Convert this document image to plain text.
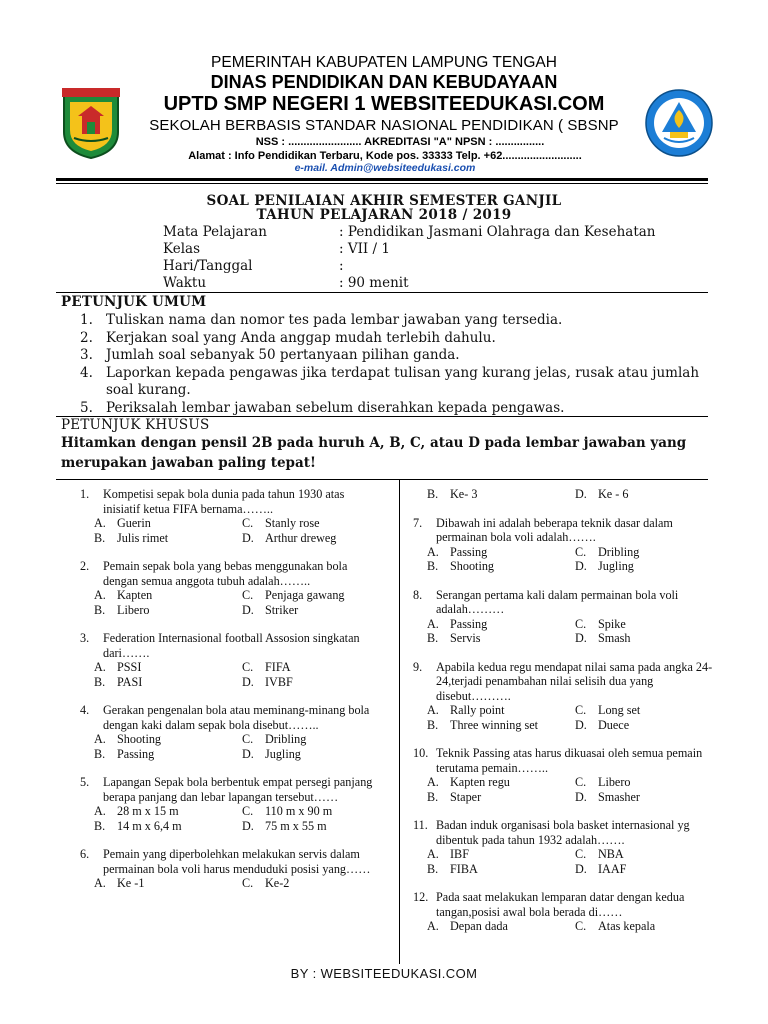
PEMERINTAH KABUPATEN LAMPUNG TENGAH
DINAS PENDIDIKAN DAN KEBUDAYAAN
UPTD SMP NEGERI 1 WEBSITEEDUKASI.COM
SEKOLAH BERBASIS STANDAR NASIONAL PENDIDIKAN ( SBSNP
NSS : ........................ AKREDITASI "A" NPSN : ................
Alamat : Info Pendidikan Terbaru, Kode pos. 33333 Telp. +62..........................
e-mail. Admin@websiteedukasi.com
SOAL PENILAIAN AKHIR SEMESTER GANJIL
TAHUN PELAJARAN 2018 / 2019
Mata Pelajaran	: Pendidikan Jasmani Olahraga dan Kesehatan
Kelas	: VII / 1
Hari/Tanggal	:
Waktu	: 90 menit
PETUNJUK UMUM
1. Tuliskan nama dan nomor tes pada lembar jawaban yang tersedia.
2. Kerjakan soal yang Anda anggap mudah terlebih dahulu.
3. Jumlah soal sebanyak 50 pertanyaan pilihan ganda.
4. Laporkan kepada pengawas jika terdapat tulisan yang kurang jelas, rusak atau jumlah soal kurang.
5. Periksalah lembar jawaban sebelum diserahkan kepada pengawas.
PETUNJUK KHUSUS
Hitamkan dengan pensil 2B pada huruh A, B, C, atau D pada lembar jawaban yang merupakan jawaban paling tepat!
1. Kompetisi sepak bola dunia pada tahun 1930 atas inisiatif ketua FIFA bernama……..
A. Guerin	C. Stanly rose
B. Julis rimet	D. Arthur dreweg
2. Pemain sepak bola yang bebas menggunakan bola dengan semua anggota tubuh adalah……..
A. Kapten	C. Penjaga gawang
B. Libero	D. Striker
3. Federation Internasional football Assosion singkatan dari…….
A. PSSI	C. FIFA
B. PASI	D. IVBF
4. Gerakan pengenalan bola atau meminang-minang bola dengan kaki dalam sepak bola disebut……..
A. Shooting	C. Dribling
B. Passing	D. Jugling
5. Lapangan Sepak bola berbentuk empat persegi panjang berapa panjang dan lebar lapangan tersebut……
A. 28 m x 15 m	C. 110 m x 90 m
B. 14 m x 6,4 m	D. 75 m x 55 m
6. Pemain yang diperbolehkan melakukan servis dalam permainan bola voli harus menduduki posisi yang……
A. Ke -1	C. Ke-2
B. Ke- 3	D. Ke - 6
7. Dibawah ini adalah beberapa teknik dasar dalam permainan bola voli adalah…….
A. Passing	C. Dribling
B. Shooting	D. Jugling
8. Serangan pertama kali dalam permainan bola voli adalah………
A. Passing	C. Spike
B. Servis	D. Smash
9. Apabila kedua regu mendapat nilai sama pada angka 24-24,terjadi penambahan nilai selisih dua yang disebut……….
A. Rally point	C. Long set
B. Three winning set	D. Duece
10. Teknik Passing atas harus dikuasai oleh semua pemain terutama pemain……..
A. Kapten regu	C. Libero
B. Staper	D. Smasher
11. Badan induk organisasi bola basket internasional yg dibentuk pada tahun 1932 adalah…….
A. IBF	C. NBA
B. FIBA	D. IAAF
12. Pada saat melakukan lemparan datar dengan kedua tangan,posisi awal bola berada di……
A. Depan dada	C. Atas kepala
BY : WEBSITEEDUKASI.COM
